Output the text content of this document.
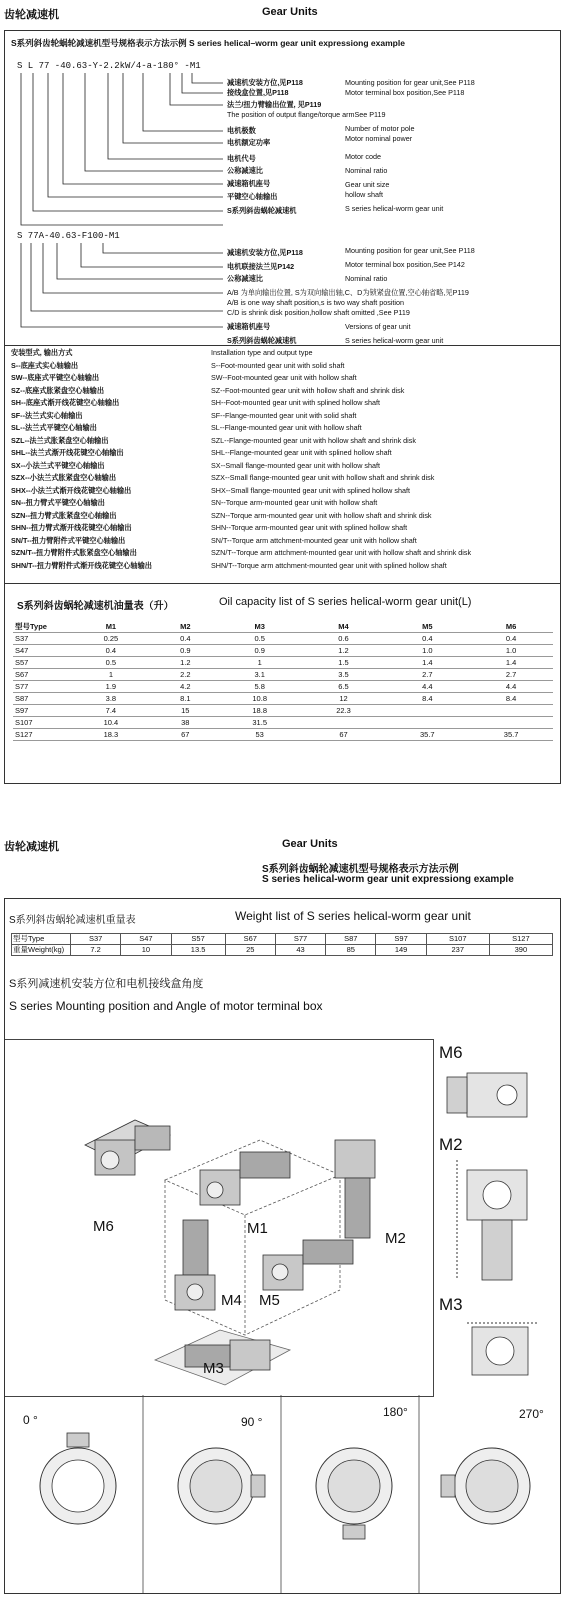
齿轮减速机	Gear Units
S系列斜齿轮蜗轮减速机型号规格表示方法示例 S series helical–worm gear unit expressiong example
S L 77 -40.63-Y-2.2kW/4-a-180° -M1
减速机安装方位,见P118	Mounting position for gear unit,See P118
接线盒位置,见P118	Motor terminal box position,See P118
法兰/扭力臂输出位置, 见P119
The position of output flange/torque armSee P119
电机极数	Number of motor pole
电机额定功率	Motor nominal power
电机代号	Motor code
公称减速比	Nominal ratio
减速箱机座号	Gear unit size
平键空心轴输出	hollow shaft
S系列斜齿蜗轮减速机	S series helical-worm gear unit
S 77A-40.63-F100-M1
减速机安装方位,见P118	Mounting position for gear unit,See P118
电机联接法兰见P142	Motor terminal box position,See P142
公称减速比	Nominal ratio
A/B 为单向输出位置, S为双向输出轴,C、D为锁紧盘位置,空心轴省略,见P119
A/B is one way shaft position,s is two way shaft position
C/D is shrink disk position,hollow shaft omitted ,See P119
减速箱机座号	Versions of gear unit
S系列斜齿蜗轮减速机	S series helical-worm gear unit
安装型式, 输出方式	Installation type and output type
S--底座式实心轴输出	S--Foot-mounted gear unit with solid shaft
SW--底座式平键空心轴输出	SW--Foot-mounted gear unit with hollow shaft
SZ--底座式胀紧盘空心轴输出	SZ--Foot-mounted gear unit with hollow shaft and shrink disk
SH--底座式渐开线花键空心轴输出	SH--Foot-mounted gear unit with splined hollow shaft
SF--法兰式实心轴输出	SF--Flange-mounted gear unit with solid shaft
SL--法兰式平键空心轴输出	SL--Flange-mounted gear unit with hollow shaft
SZL--法兰式胀紧盘空心轴输出	SZL--Flange-mounted gear unit with hollow shaft and shrink disk
SHL--法兰式渐开线花键空心轴输出	SHL--Flange-mounted gear unit with splined hollow shaft
SX--小法兰式平键空心轴输出	SX--Small flange-mounted gear unit with hollow shaft
SZX--小法兰式胀紧盘空心轴输出	SZX--Small flange-mounted gear unit with hollow shaft and shrink disk
SHX--小法兰式渐开线花键空心轴输出	SHX--Small flange-mounted gear unit with splined hollow shaft
SN--扭力臂式平键空心轴输出	SN--Torque arm-mounted gear unit with hollow shaft
SZN--扭力臂式胀紧盘空心轴输出	SZN--Torque arm-mounted gear unit with hollow shaft and shrink disk
SHN--扭力臂式渐开线花键空心轴输出	SHN--Torque arm-mounted gear unit with splined hollow shaft
SN/T--扭力臂附件式平键空心轴输出	SN/T--Torque arm attchment-mounted gear unit with hollow shaft
SZN/T--扭力臂附件式胀紧盘空心轴输出	SZN/T--Torque arm attchment-mounted gear unit with hollow shaft and shrink disk
SHN/T--扭力臂附件式渐开线花键空心轴输出	SHN/T--Torque arm attchment-mounted gear unit with splined hollow shaft
S系列斜齿蜗轮减速机油量表（升）	Oil capacity list of S series helical-worm gear unit(L)
型号Type	M1	M2	M3	M4	M5	M6
S37	0.25	0.4	0.5	0.6	0.4	0.4
S47	0.4	0.9	0.9	1.2	1.0	1.0
S57	0.5	1.2	1	1.5	1.4	1.4
S67	1	2.2	3.1	3.5	2.7	2.7
S77	1.9	4.2	5.8	6.5	4.4	4.4
S87	3.8	8.1	10.8	12	8.4	8.4
S97	7.4	15	18.8	22.3		
S107	10.4	38	31.5			
S127	18.3	67	53	67	35.7	35.7
齿轮减速机	Gear Units
S系列斜齿蜗轮减速机型号规格表示方法示例
S series helical-worm gear unit expressiong example
S系列斜齿蜗轮减速机重量表	Weight list of S series helical-worm gear unit
型号Type	S37	S47	S57	S67	S77	S87	S97	S107	S127
重量Weight(kg)	7.2	10	13.5	25	43	85	149	237	390
S系列减速机安装方位和电机接线盒角度
S series Mounting position and Angle of motor terminal box
M6	M1
M2
M4 M5
M3
M6
M2
M3
0 °	90 °
180°	270°
